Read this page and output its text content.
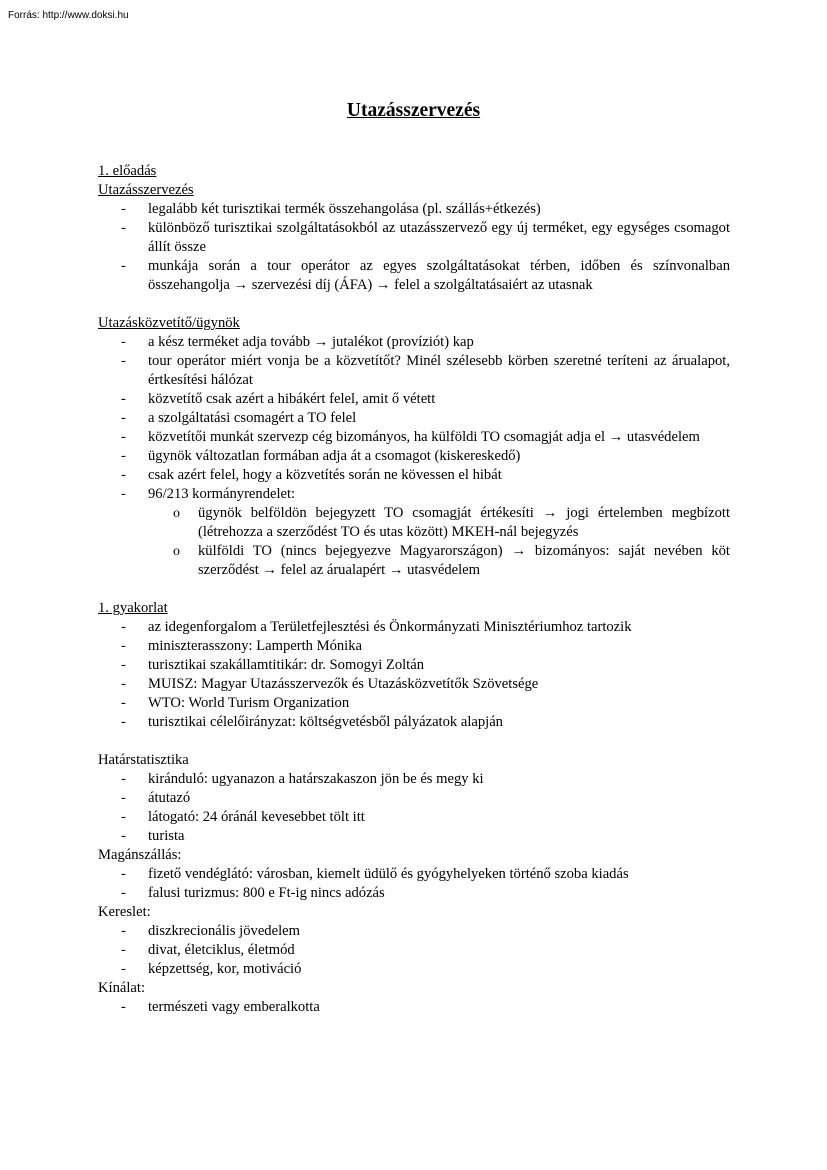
Forrás: http://www.doksi.hu
Utazásszervezés
1. előadás
Utazásszervezés
- legalább két turisztikai termék összehangolása (pl. szállás+étkezés)
- különböző turisztikai szolgáltatásokból az utazásszervező egy új terméket, egy egységes csomagot állít össze
- munkája során a tour operátor az egyes szolgáltatásokat térben, időben és színvonalban összehangolja → szervezési díj (ÁFA) → felel a szolgáltatásaiért az utasnak
Utazásközvetítő/ügynök
- a kész terméket adja tovább → jutalékot (províziót) kap
- tour operátor miért vonja be a közvetítőt? Minél szélesebb körben szeretné teríteni az árualapot, értkesítési hálózat
- közvetítő csak azért a hibákért felel, amit ő vétett
- a szolgáltatási csomagért a TO felel
- közvetítői munkát szervezp cég bizományos, ha külföldi TO csomagját adja el → utasvédelem
- ügynök változatlan formában adja át a csomagot (kiskereskedő)
- csak azért felel, hogy a közvetítés során ne kövessen el hibát
- 96/213 kormányrendelet:
o ügynök belföldön bejegyzett TO csomagját értékesíti → jogi értelemben megbízott (létrehozza a szerződést TO és utas között) MKEH-nál bejegyzés
o külföldi TO (nincs bejegyezve Magyarországon) → bizományos: saját nevében köt szerződést → felel az árualapért → utasvédelem
1. gyakorlat
- az idegenforgalom a Területfejlesztési és Önkormányzati Minisztériumhoz tartozik
- miniszterasszony: Lamperth Mónika
- turisztikai szakállamtitikár: dr. Somogyi Zoltán
- MUISZ: Magyar Utazásszervezők és Utazásközvetítők Szövetsége
- WTO: World Turism Organization
- turisztikai célelőirányzat: költségvetésből pályázatok alapján
Határstatisztika
- kiránduló: ugyanazon a határszakaszon jön be és megy ki
- átutazó
- látogató: 24 óránál kevesebbet tölt itt
- turista
Magánszállás:
- fizető vendéglátó: városban, kiemelt üdülő és gyógyhelyeken történő szoba kiadás
- falusi turizmus: 800 e Ft-ig nincs adózás
Kereslet:
- diszkrecionális jövedelem
- divat, életciklus, életmód
- képzettség, kor, motiváció
Kínálat:
- természeti vagy emberalkotta
